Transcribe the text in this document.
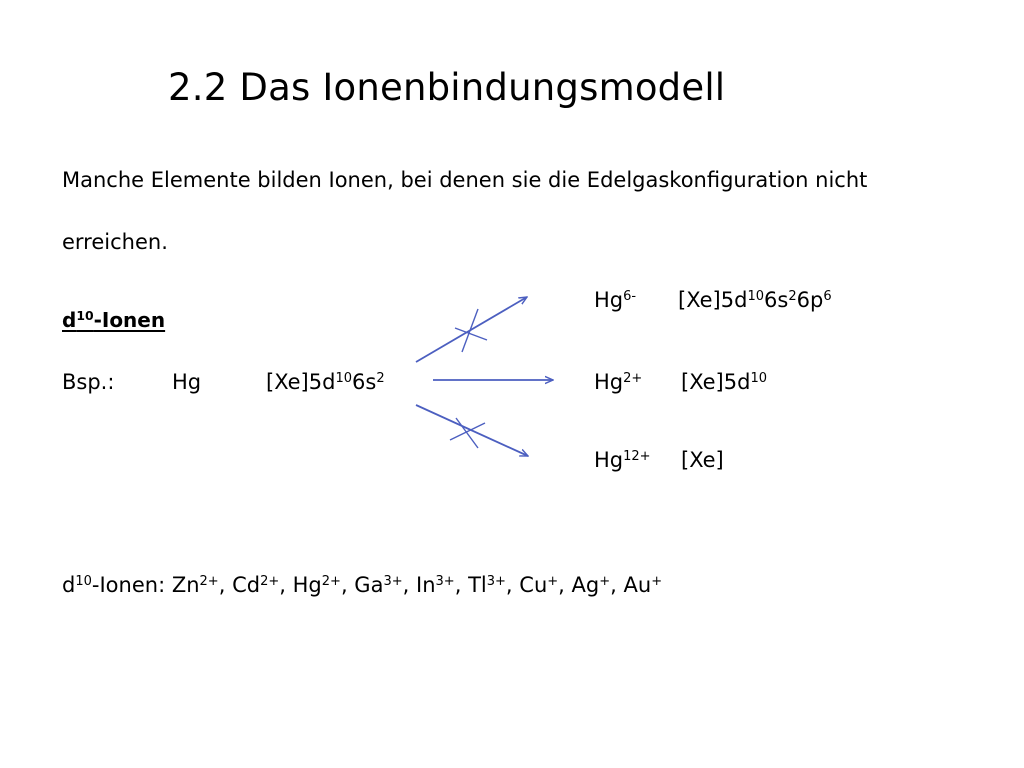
2.2 Das Ionenbindungsmodell
Manche Elemente bilden Ionen, bei denen sie die Edelgaskonfiguration nicht
erreichen.
$d^{10}$-Ionen
Bsp.:	Hg	$[Xe]5d^{10}6s^2$
$Hg^{6-}$ $[Xe]5d^{10}6s^26p^6$
$Hg^{2+}$ $[Xe]5d^{10}$
$Hg^{12+}$ [Xe]
$d^{10}$-Ionen: $Zn^{2+}$, $Cd^{2+}$, $Hg^{2+}$, $Ga^{3+}$, $In^{3+}$, $Tl^{3+}$, Cu+, Ag+, Au+
